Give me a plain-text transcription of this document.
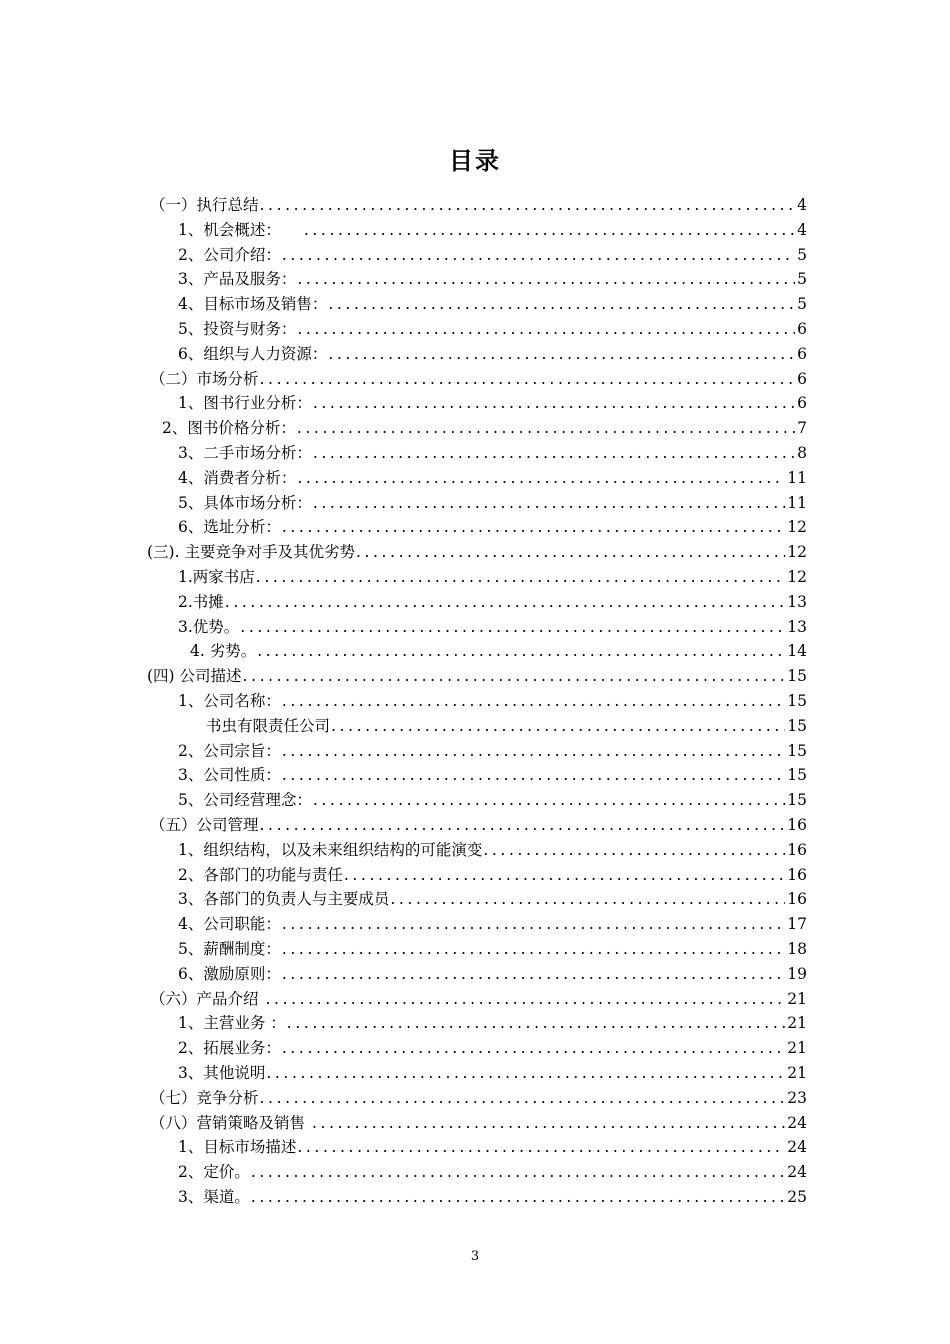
目录
（一）执行总结 .....	4
1、机会概述： .....	4
2、公司介绍： .....	5
3、产品及服务： .....	5
4、目标市场及销售： .....	5
5、投资与财务： .....	6
6、组织与人力资源： .....	6
（二）市场分析 .....	6
1、图书行业分析： .....	6
2、图书价格分析： .....	7
3、二手市场分析： .....	8
4、消费者分析： .....	11
5、具体市场分析： .....	11
6、选址分析： .....	12
(三). 主要竞争对手及其优劣势 .....	12
1.两家书店 .....	12
2.书摊 .....	13
3.优势。 .....	13
4. 劣势。 .....	14
(四) 公司描述 .....	15
1、公司名称： .....	15
书虫有限责任公司 .....	15
2、公司宗旨： .....	15
3、公司性质： .....	15
5、公司经营理念： .....	15
（五）公司管理 .....	16
1、组织结构，以及未来组织结构的可能演变 .....	16
2、各部门的功能与责任 .....	16
3、各部门的负责人与主要成员 .....	16
4、公司职能： .....	17
5、薪酬制度： .....	18
6、激励原则： .....	19
（六）产品介绍 .....	21
1、主营业务 ： .....	21
2、拓展业务： .....	21
3、其他说明 .....	21
（七）竞争分析 .....	23
（八）营销策略及销售 .....	24
1、目标市场描述 .....	24
2、定价。 .....	24
3、渠道。 .....	25
3
